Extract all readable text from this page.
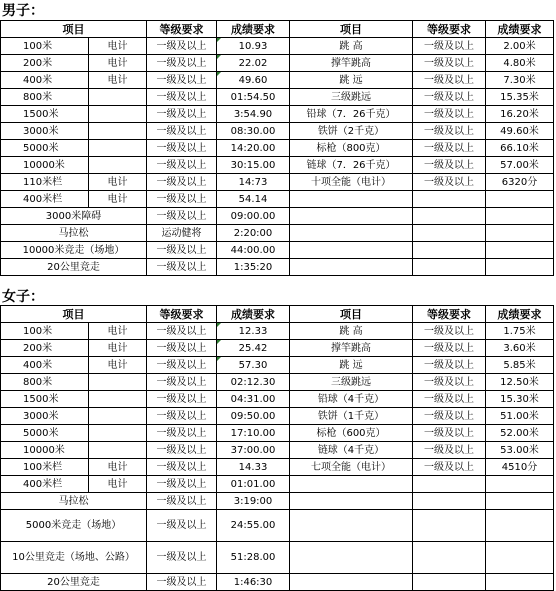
男子：
项目		等级要求	成绩要求	项目	等级要求	成绩要求
100米	电计	一级及以上	10.93	跳 高	一级及以上	2.00米
200米	电计	一级及以上	22.02	撑竿跳高	一级及以上	4.80米
400米	电计	一级及以上	49.60	跳 远	一级及以上	7.30米
800米		一级及以上	01:54.50	三级跳远	一级及以上	15.35米
1500米		一级及以上	3:54.90	铅球（7．26千克）	一级及以上	16.20米
3000米		一级及以上	08:30.00	铁饼（2千克）	一级及以上	49.60米
5000米		一级及以上	14:20.00	标枪（800克）	一级及以上	66.10米
10000米		一级及以上	30:15.00	链球（7．26千克）	一级及以上	57.00米
110米栏	电计	一级及以上	14:73	十项全能（电计）	一级及以上	6320分
400米栏	电计	一级及以上	54.14			
3000米障碍		一级及以上	09:00.00			
马拉松		运动健将	2:20:00			
10000米竞走（场地）		一级及以上	44:00.00			
20公里竞走		一级及以上	1:35:20			
女子：
项目		等级要求	成绩要求	项目	等级要求	成绩要求
100米	电计	一级及以上	12.33	跳 高	一级及以上	1.75米
200米	电计	一级及以上	25.42	撑竿跳高	一级及以上	3.60米
400米	电计	一级及以上	57.30	跳 远	一级及以上	5.85米
800米		一级及以上	02:12.30	三级跳远	一级及以上	12.50米
1500米		一级及以上	04:31.00	铅球（4千克）	一级及以上	15.30米
3000米		一级及以上	09:50.00	铁饼（1千克）	一级及以上	51.00米
5000米		一级及以上	17:10.00	标枪（600克）	一级及以上	52.00米
10000米		一级及以上	37:00.00	链球（4千克）	一级及以上	53.00米
100米栏	电计	一级及以上	14.33	七项全能（电计）	一级及以上	4510分
400米栏	电计	一级及以上	01:01.00			
马拉松		一级及以上	3:19:00			
5000米竞走（场地）		一级及以上	24:55.00			
10公里竞走（场地、公路）		一级及以上	51:28.00			
20公里竞走		一级及以上	1:46:30			
